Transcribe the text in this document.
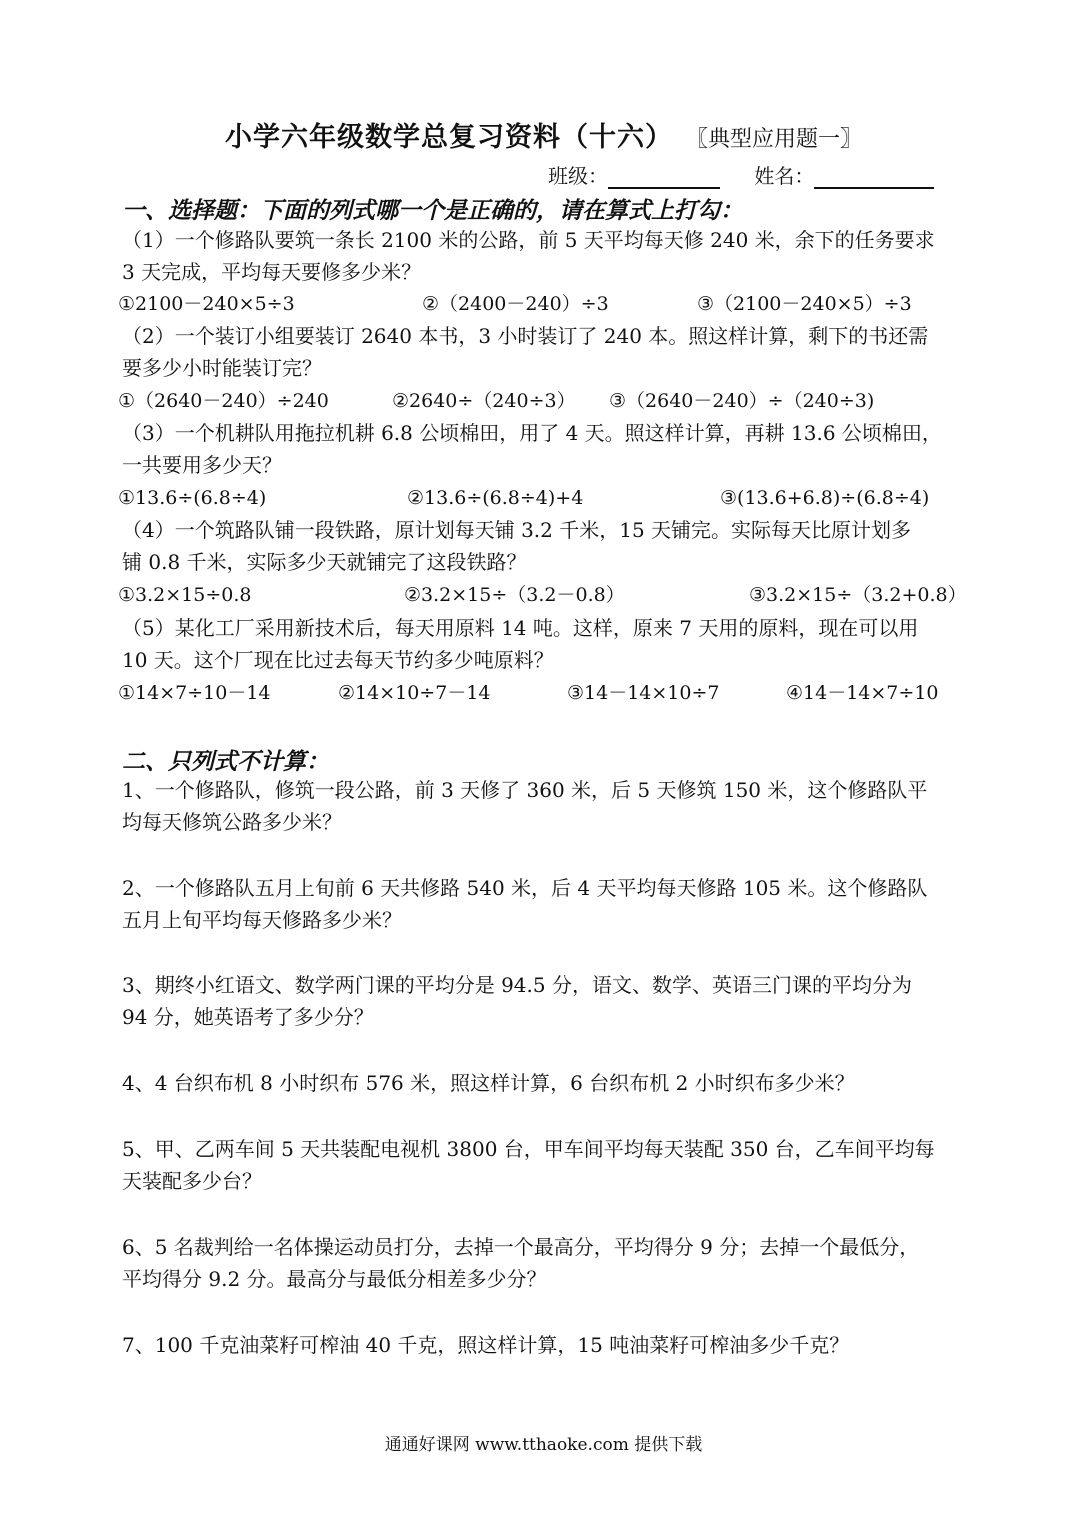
小学六年级数学总复习资料（十六） 〖典型应用题一〗
班级：	姓名：
一、选择题：下面的列式哪一个是正确的，请在算式上打勾：
（1）一个修路队要筑一条长 2100 米的公路，前 5 天平均每天修 240 米，余下的任务要求
3 天完成，平均每天要修多少米？
①2100－240×5÷3	②（2400－240）÷3	③（2100－240×5）÷3
（2）一个装订小组要装订 2640 本书，3 小时装订了 240 本。照这样计算，剩下的书还需
要多少小时能装订完？
①（2640－240）÷240	②2640÷（240÷3） ③（2640－240）÷（240÷3)
（3）一个机耕队用拖拉机耕 6.8 公顷棉田，用了 4 天。照这样计算，再耕 13.6 公顷棉田，
一共要用多少天？
①13.6÷(6.8÷4)	②13.6÷(6.8÷4)+4	③(13.6+6.8)÷(6.8÷4)
（4）一个筑路队铺一段铁路，原计划每天铺 3.2 千米，15 天铺完。实际每天比原计划多
铺 0.8 千米，实际多少天就铺完了这段铁路？
①3.2×15÷0.8	②3.2×15÷（3.2－0.8）	③3.2×15÷（3.2+0.8）
（5）某化工厂采用新技术后，每天用原料 14 吨。这样，原来 7 天用的原料，现在可以用
10 天。这个厂现在比过去每天节约多少吨原料？
①14×7÷10－14	②14×10÷7－14	③14－14×10÷7	④14－14×7÷10
二、只列式不计算：
1、一个修路队，修筑一段公路，前 3 天修了 360 米，后 5 天修筑 150 米，这个修路队平
均每天修筑公路多少米？
2、一个修路队五月上旬前 6 天共修路 540 米，后 4 天平均每天修路 105 米。这个修路队
五月上旬平均每天修路多少米？
3、期终小红语文、数学两门课的平均分是 94.5 分，语文、数学、英语三门课的平均分为
94 分，她英语考了多少分？
4、4 台织布机 8 小时织布 576 米，照这样计算，6 台织布机 2 小时织布多少米？
5、甲、乙两车间 5 天共装配电视机 3800 台，甲车间平均每天装配 350 台，乙车间平均每
天装配多少台？
6、5 名裁判给一名体操运动员打分，去掉一个最高分，平均得分 9 分；去掉一个最低分，
平均得分 9.2 分。最高分与最低分相差多少分？
7、100 千克油菜籽可榨油 40 千克，照这样计算，15 吨油菜籽可榨油多少千克？
通通好课网 www.tthaoke.com 提供下载
